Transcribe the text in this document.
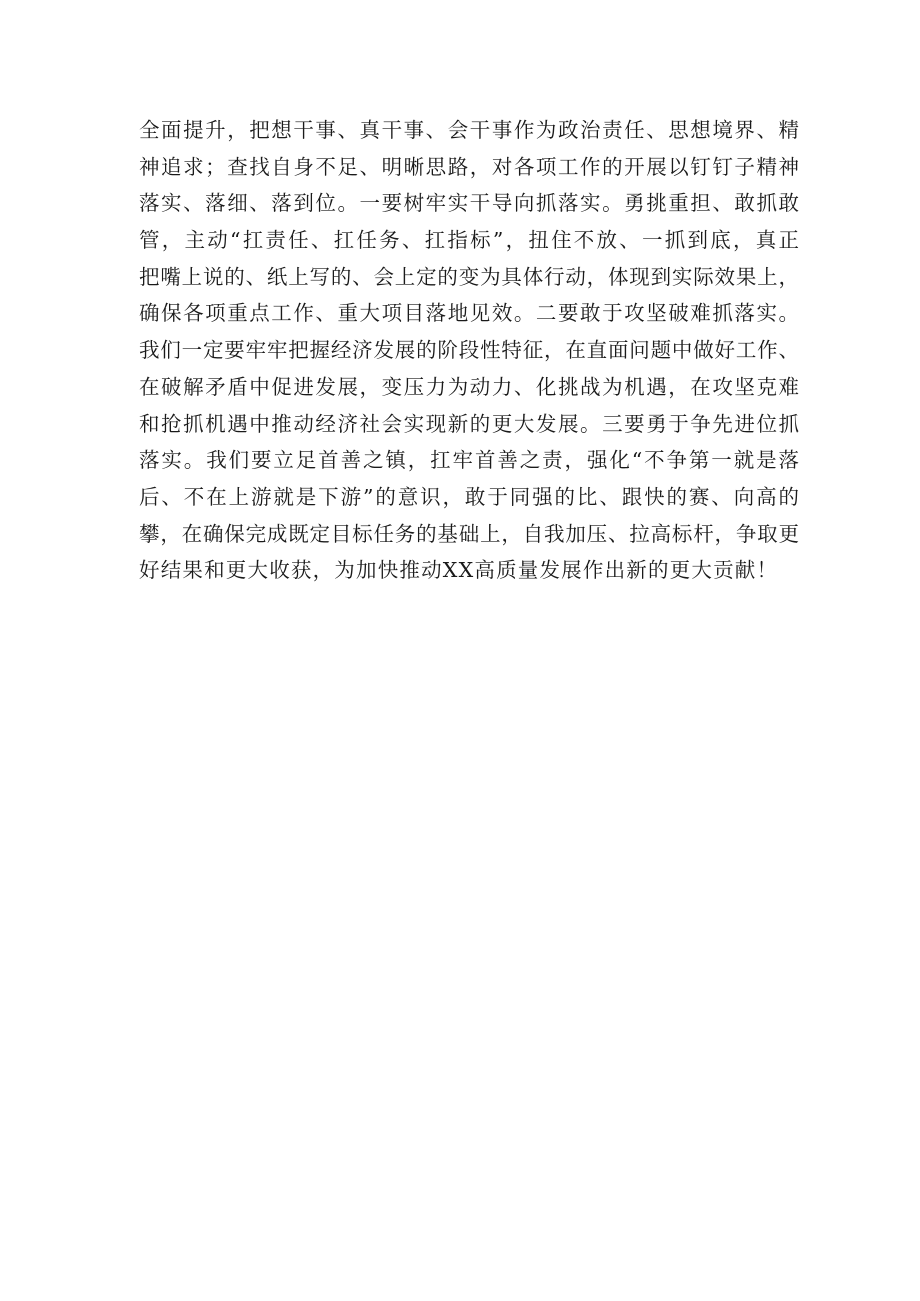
全面提升，把想干事、真干事、会干事作为政治责任、思想境界、精
神追求；查找自身不足、明晰思路，对各项工作的开展以钉钉子精神
落实、落细、落到位。一要树牢实干导向抓落实。勇挑重担、敢抓敢
管，主动“扛责任、扛任务、扛指标”，扭住不放、一抓到底，真正
把嘴上说的、纸上写的、会上定的变为具体行动，体现到实际效果上，
确保各项重点工作、重大项目落地见效。二要敢于攻坚破难抓落实。
我们一定要牢牢把握经济发展的阶段性特征，在直面问题中做好工作、
在破解矛盾中促进发展，变压力为动力、化挑战为机遇，在攻坚克难
和抢抓机遇中推动经济社会实现新的更大发展。三要勇于争先进位抓
落实。我们要立足首善之镇，扛牢首善之责，强化“不争第一就是落
后、不在上游就是下游”的意识，敢于同强的比、跟快的赛、向高的
攀，在确保完成既定目标任务的基础上，自我加压、拉高标杆，争取更
好结果和更大收获，为加快推动XX高质量发展作出新的更大贡献！
